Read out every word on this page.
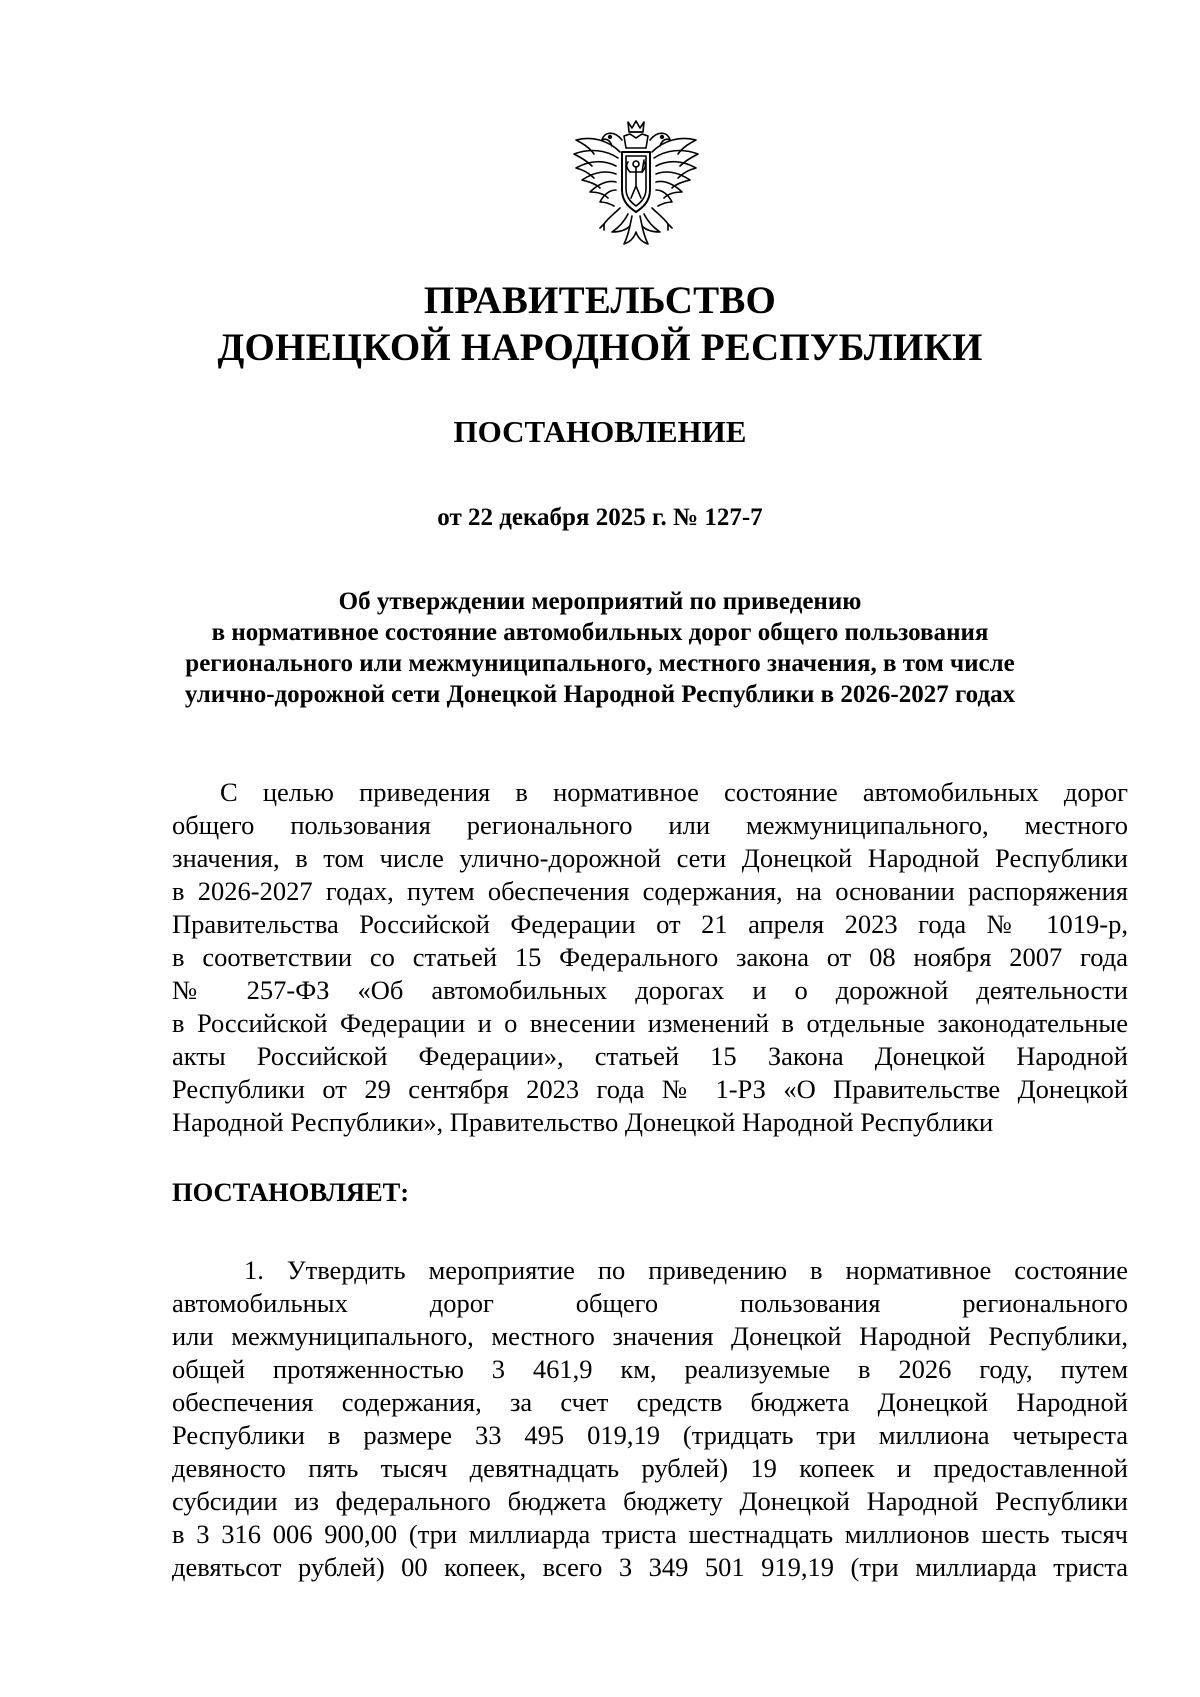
ПРАВИТЕЛЬСТВО
ДОНЕЦКОЙ НАРОДНОЙ РЕСПУБЛИКИ
ПОСТАНОВЛЕНИЕ
от 22 декабря 2025 г. № 127-7
Об утверждении мероприятий по приведению
в нормативное состояние автомобильных дорог общего пользования
регионального или межмуниципального, местного значения, в том числе
улично-дорожной сети Донецкой Народной Республики в 2026-2027 годах
С целью приведения в нормативное состояние автомобильных дорог
общего пользования регионального или межмуниципального, местного
значения, в том числе улично-дорожной сети Донецкой Народной Республики
в 2026-2027 годах, путем обеспечения содержания, на основании распоряжения
Правительства Российской Федерации от 21 апреля 2023 года № 1019-р,
в соответствии со статьей 15 Федерального закона от 08 ноября 2007 года
№ 257-ФЗ «Об автомобильных дорогах и о дорожной деятельности
в Российской Федерации и о внесении изменений в отдельные законодательные
акты Российской Федерации», статьей 15 Закона Донецкой Народной
Республики от 29 сентября 2023 года № 1-РЗ «О Правительстве Донецкой
Народной Республики», Правительство Донецкой Народной Республики
ПОСТАНОВЛЯЕТ:
1. Утвердить мероприятие по приведению в нормативное состояние
автомобильных дорог общего пользования регионального
или межмуниципального, местного значения Донецкой Народной Республики,
общей протяженностью 3 461,9 км, реализуемые в 2026 году, путем
обеспечения содержания, за счет средств бюджета Донецкой Народной
Республики в размере 33 495 019,19 (тридцать три миллиона четыреста
девяносто пять тысяч девятнадцать рублей) 19 копеек и предоставленной
субсидии из федерального бюджета бюджету Донецкой Народной Республики
в 3 316 006 900,00 (три миллиарда триста шестнадцать миллионов шесть тысяч
девятьсот рублей) 00 копеек, всего 3 349 501 919,19 (три миллиарда триста
